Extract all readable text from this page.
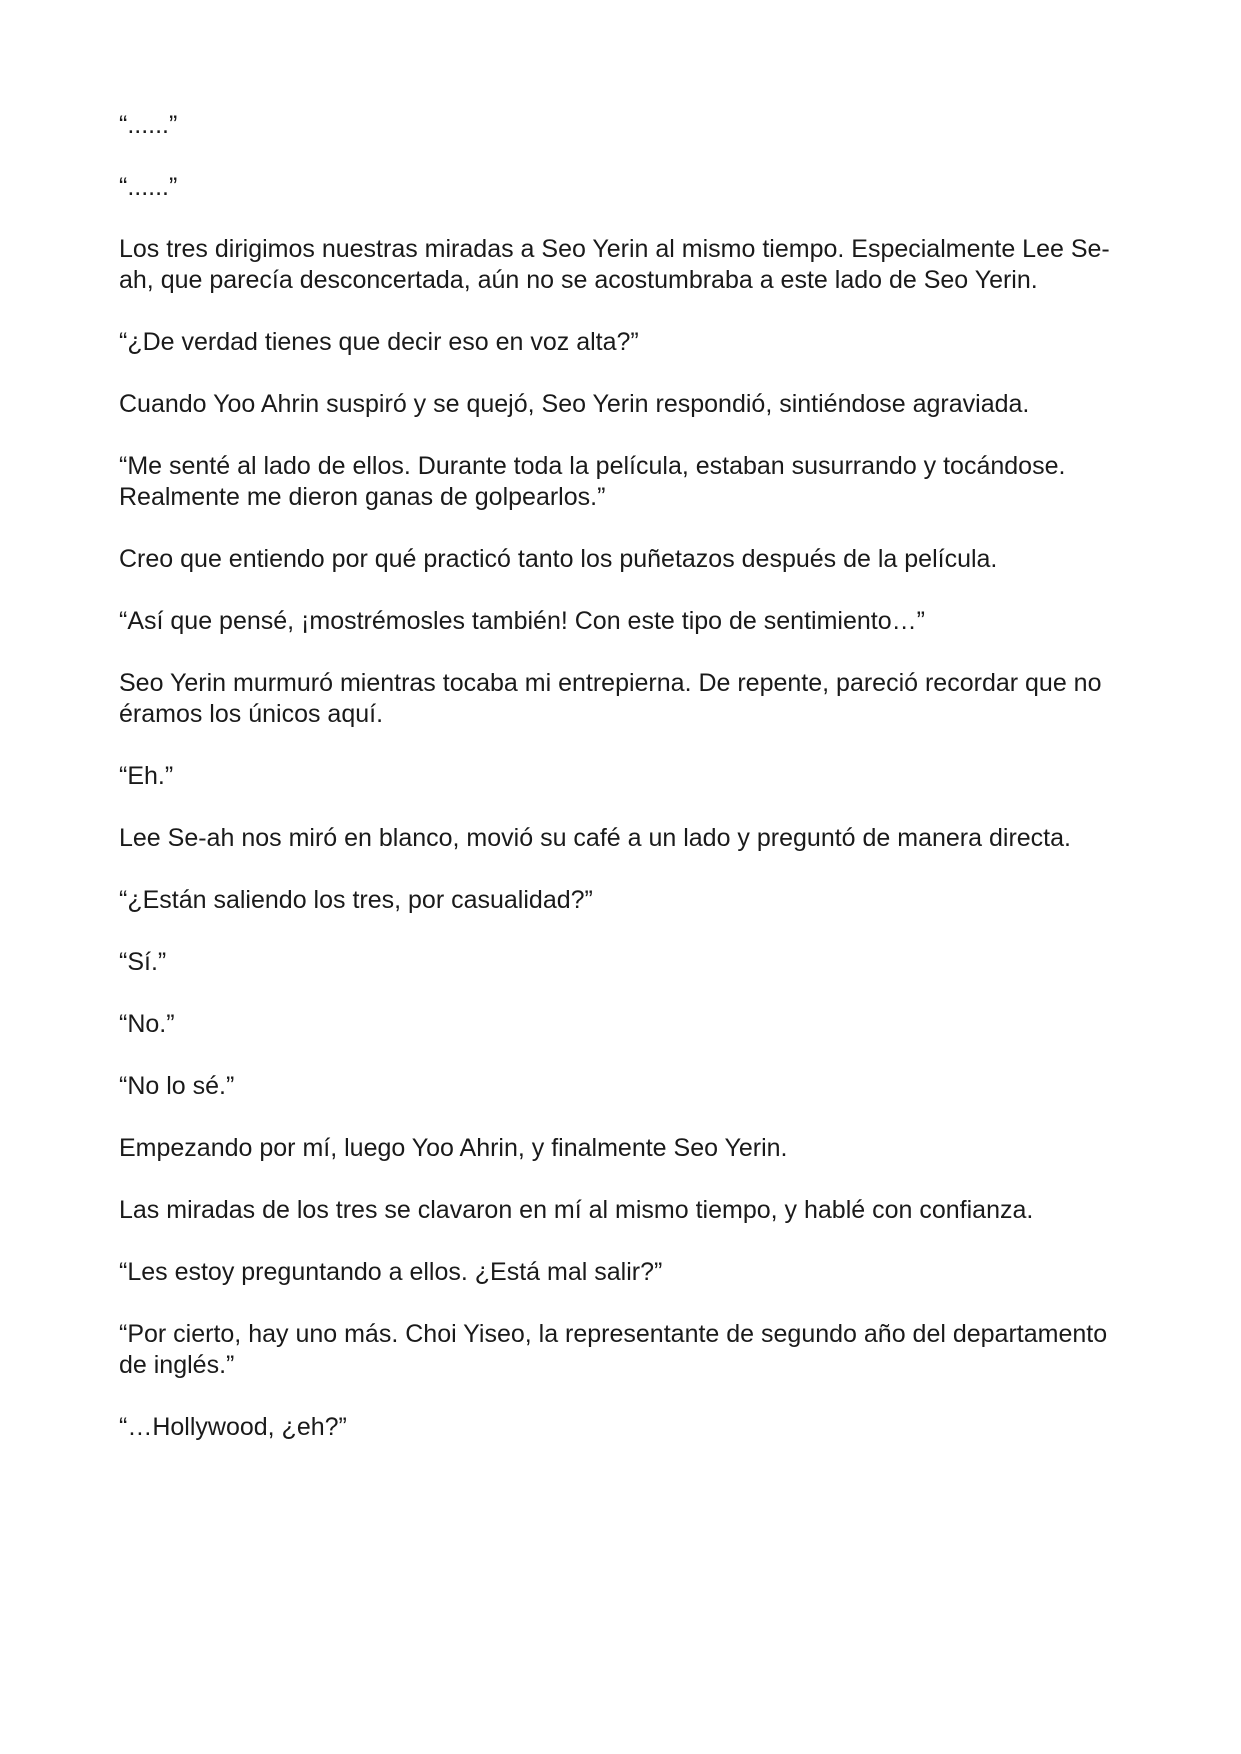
“......”

“......”

Los tres dirigimos nuestras miradas a Seo Yerin al mismo tiempo. Especialmente Lee Se-ah, que parecía desconcertada, aún no se acostumbraba a este lado de Seo Yerin.

“¿De verdad tienes que decir eso en voz alta?”

Cuando Yoo Ahrin suspiró y se quejó, Seo Yerin respondió, sintiéndose agraviada.

“Me senté al lado de ellos. Durante toda la película, estaban susurrando y tocándose. Realmente me dieron ganas de golpearlos.”

Creo que entiendo por qué practicó tanto los puñetazos después de la película.

“Así que pensé, ¡mostrémosles también! Con este tipo de sentimiento…”

Seo Yerin murmuró mientras tocaba mi entrepierna. De repente, pareció recordar que no éramos los únicos aquí.

“Eh.”

Lee Se-ah nos miró en blanco, movió su café a un lado y preguntó de manera directa.

“¿Están saliendo los tres, por casualidad?”

“Sí.”

“No.”

“No lo sé.”

Empezando por mí, luego Yoo Ahrin, y finalmente Seo Yerin.

Las miradas de los tres se clavaron en mí al mismo tiempo, y hablé con confianza.

“Les estoy preguntando a ellos. ¿Está mal salir?”

“Por cierto, hay uno más. Choi Yiseo, la representante de segundo año del departamento de inglés.”

“…Hollywood, ¿eh?”
